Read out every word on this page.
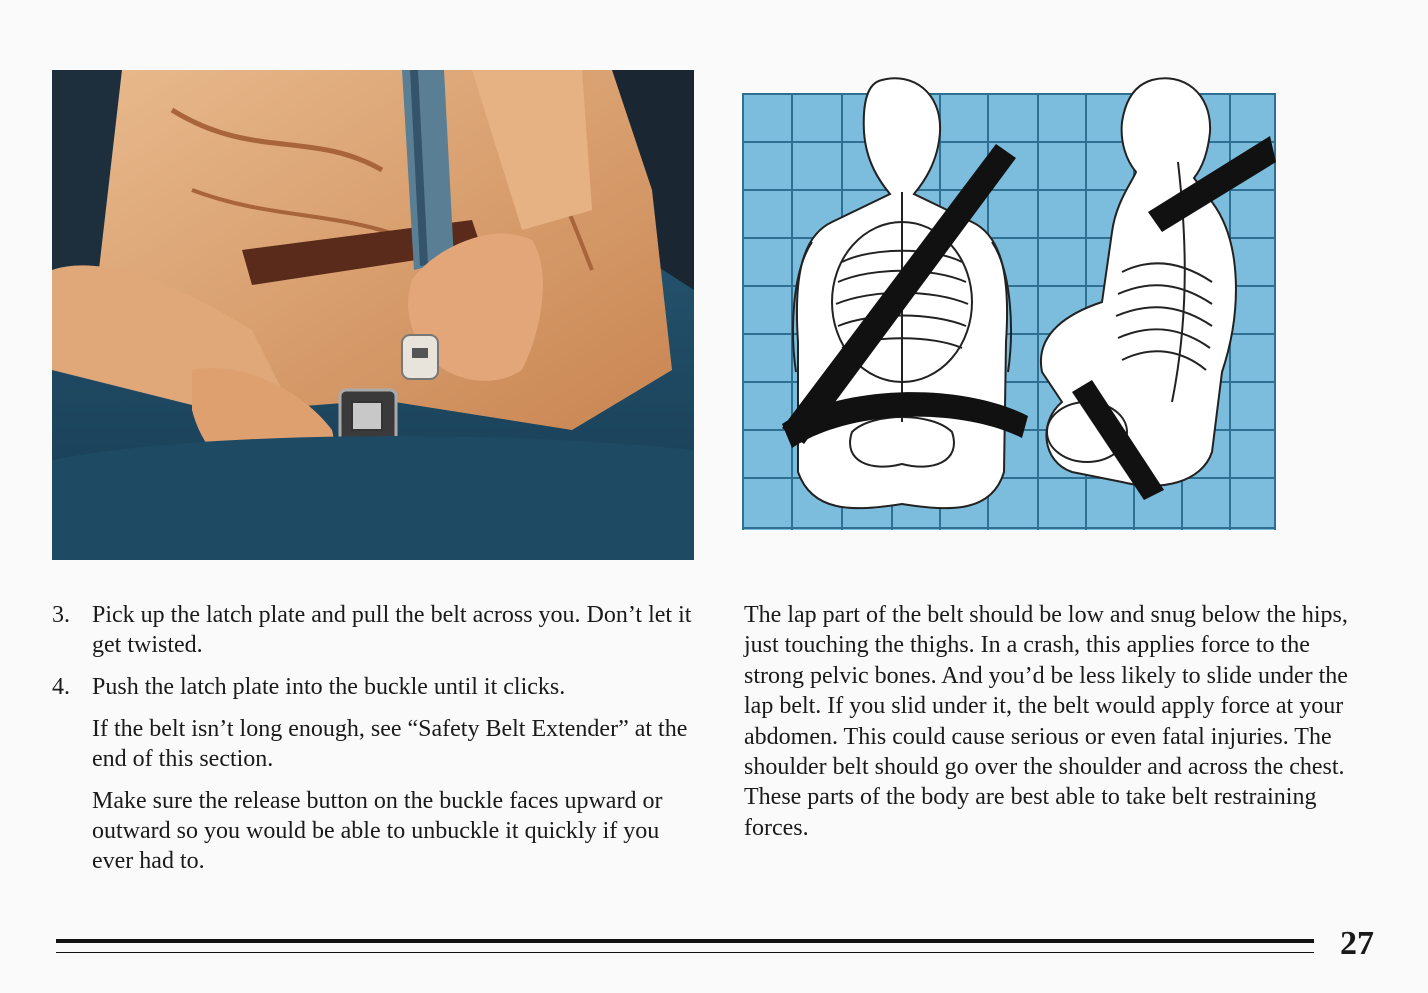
3. Pick up the latch plate and pull the belt across you. Don’t let it get twisted.
4. Push the latch plate into the buckle until it clicks.
If the belt isn’t long enough, see “Safety Belt Extender” at the end of this section.
Make sure the release button on the buckle faces upward or outward so you would be able to unbuckle it quickly if you ever had to.
The lap part of the belt should be low and snug below the hips, just touching the thighs. In a crash, this applies force to the strong pelvic bones. And you’d be less likely to slide under the lap belt. If you slid under it, the belt would apply force at your abdomen. This could cause serious or even fatal injuries. The shoulder belt should go over the shoulder and across the chest. These parts of the body are best able to take belt restraining forces.
27
